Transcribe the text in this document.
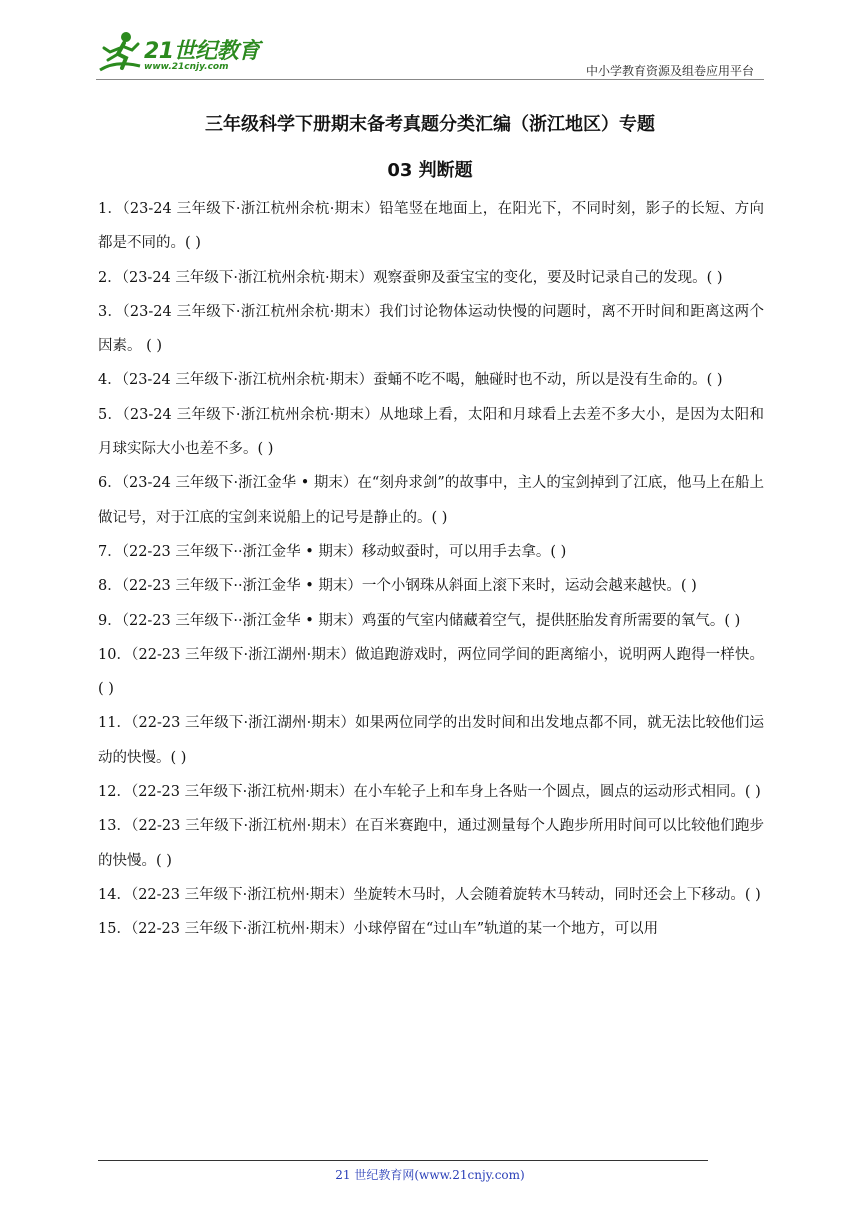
21世纪教育
www.21cnjy.com	中小学教育资源及组卷应用平台
三年级科学下册期末备考真题分类汇编（浙江地区）专题
03 判断题

1．（23-24 三年级下·浙江杭州余杭·期末）铅笔竖在地面上，在阳光下，不同时刻，影子的长短、方向都是不同的。( )

2．（23-24 三年级下·浙江杭州余杭·期末）观察蚕卵及蚕宝宝的变化，要及时记录自己的发现。( )

3．（23-24 三年级下·浙江杭州余杭·期末）我们讨论物体运动快慢的问题时，离不开时间和距离这两个因素。 ( )

4．（23-24 三年级下·浙江杭州余杭·期末）蚕蛹不吃不喝，触碰时也不动，所以是没有生命的。( )

5．（23-24 三年级下·浙江杭州余杭·期末）从地球上看，太阳和月球看上去差不多大小，是因为太阳和月球实际大小也差不多。( )

6．（23-24 三年级下·浙江金华 • 期末）在“刻舟求剑”的故事中，主人的宝剑掉到了江底，他马上在船上做记号，对于江底的宝剑来说船上的记号是静止的。( )

7．（22-23 三年级下··浙江金华 • 期末）移动蚁蚕时，可以用手去拿。( )

8．（22-23 三年级下··浙江金华 • 期末）一个小钢珠从斜面上滚下来时，运动会越来越快。( )

9．（22-23 三年级下··浙江金华 • 期末）鸡蛋的气室内储藏着空气，提供胚胎发育所需要的氧气。( )

10．（22-23 三年级下·浙江湖州·期末）做追跑游戏时，两位同学间的距离缩小，说明两人跑得一样快。( )

11．（22-23 三年级下·浙江湖州·期末）如果两位同学的出发时间和出发地点都不同，就无法比较他们运动的快慢。( )

12．（22-23 三年级下·浙江杭州·期末）在小车轮子上和车身上各贴一个圆点，圆点的运动形式相同。( )

13．（22-23 三年级下·浙江杭州·期末）在百米赛跑中，通过测量每个人跑步所用时间可以比较他们跑步的快慢。( )

14．（22-23 三年级下·浙江杭州·期末）坐旋转木马时，人会随着旋转木马转动，同时还会上下移动。( )

15．（22-23 三年级下·浙江杭州·期末）小球停留在“过山车”轨道的某一个地方，可以用

21 世纪教育网(www.21cnjy.com)
